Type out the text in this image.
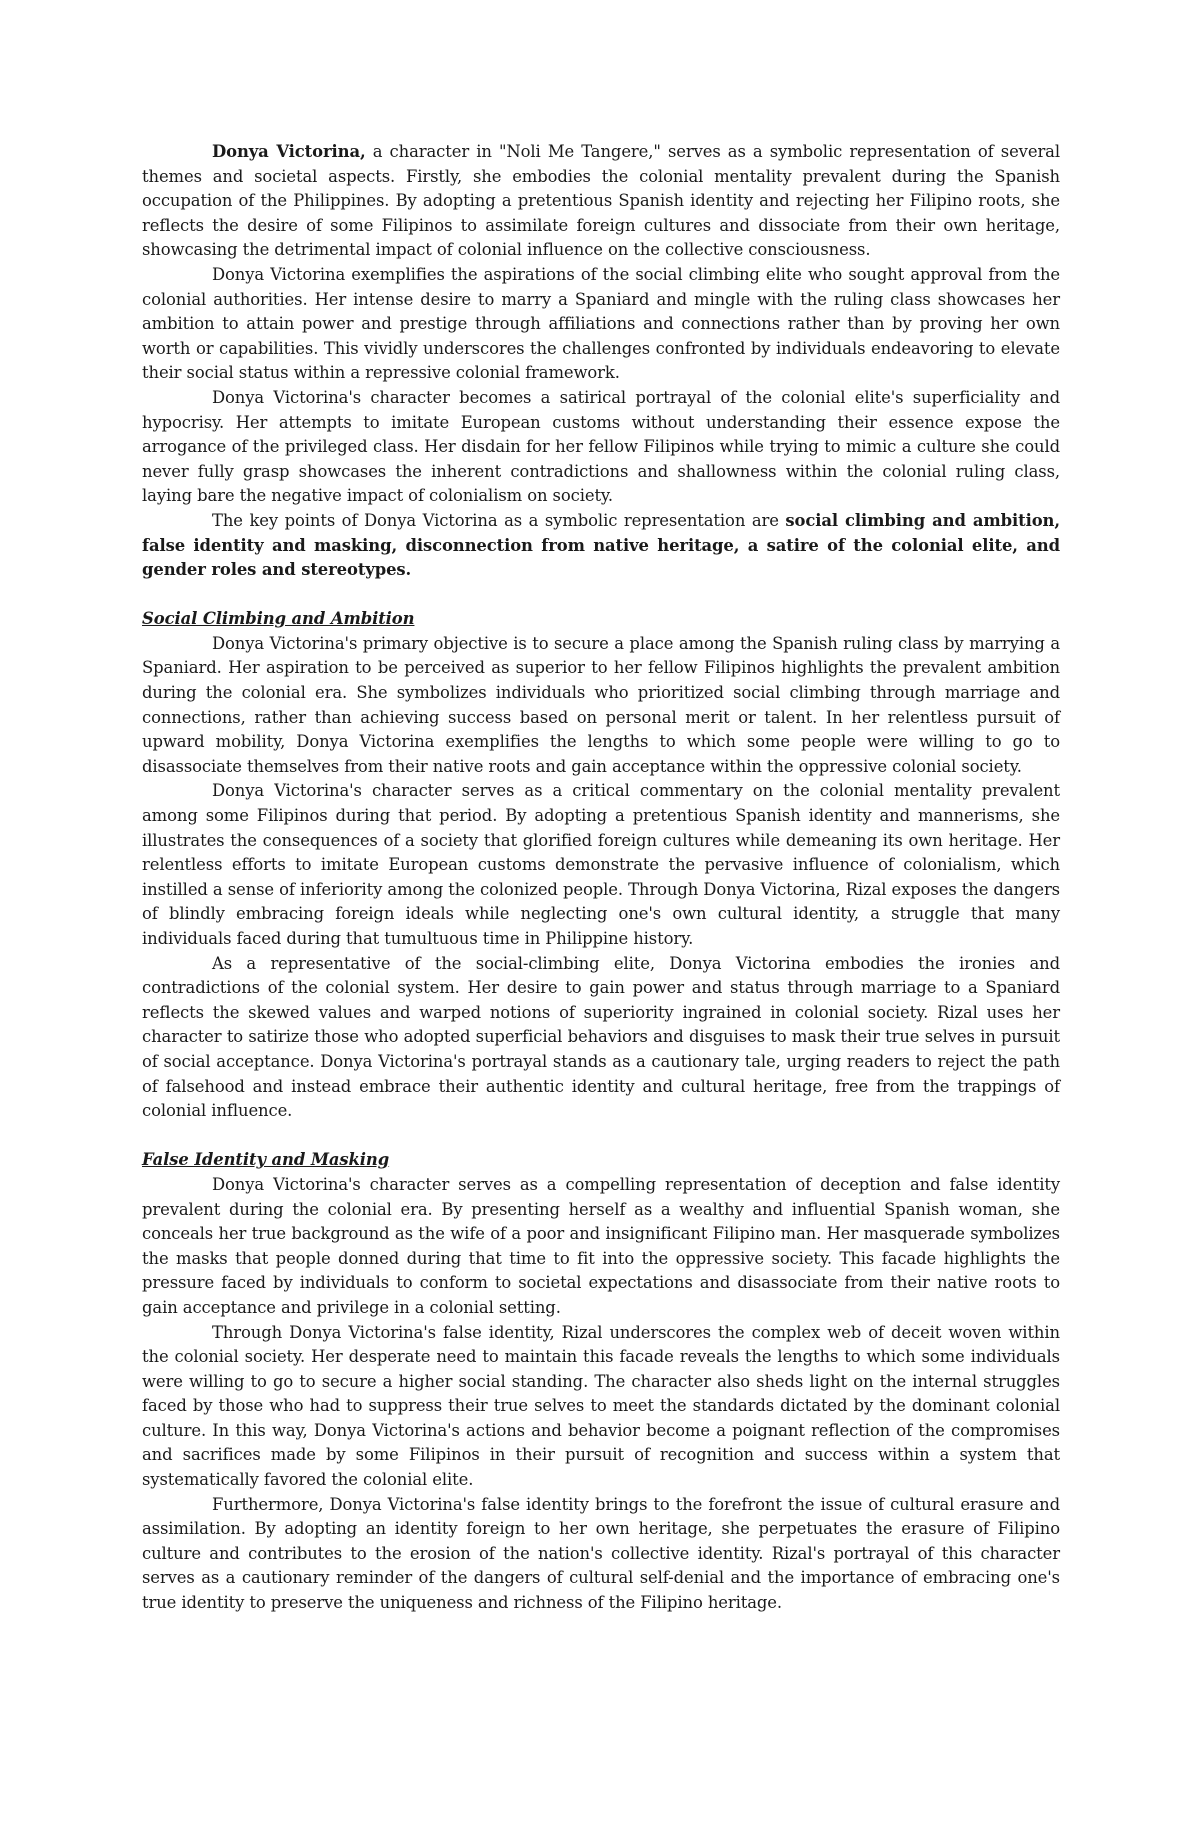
Donya Victorina, a character in "Noli Me Tangere," serves as a symbolic representation of several themes and societal aspects. Firstly, she embodies the colonial mentality prevalent during the Spanish occupation of the Philippines. By adopting a pretentious Spanish identity and rejecting her Filipino roots, she reflects the desire of some Filipinos to assimilate foreign cultures and dissociate from their own heritage, showcasing the detrimental impact of colonial influence on the collective consciousness.

Donya Victorina exemplifies the aspirations of the social climbing elite who sought approval from the colonial authorities. Her intense desire to marry a Spaniard and mingle with the ruling class showcases her ambition to attain power and prestige through affiliations and connections rather than by proving her own worth or capabilities. This vividly underscores the challenges confronted by individuals endeavoring to elevate their social status within a repressive colonial framework.

Donya Victorina's character becomes a satirical portrayal of the colonial elite's superficiality and hypocrisy. Her attempts to imitate European customs without understanding their essence expose the arrogance of the privileged class. Her disdain for her fellow Filipinos while trying to mimic a culture she could never fully grasp showcases the inherent contradictions and shallowness within the colonial ruling class, laying bare the negative impact of colonialism on society.

The key points of Donya Victorina as a symbolic representation are social climbing and ambition, false identity and masking, disconnection from native heritage, a satire of the colonial elite, and gender roles and stereotypes.

Social Climbing and Ambition

Donya Victorina's primary objective is to secure a place among the Spanish ruling class by marrying a Spaniard. Her aspiration to be perceived as superior to her fellow Filipinos highlights the prevalent ambition during the colonial era. She symbolizes individuals who prioritized social climbing through marriage and connections, rather than achieving success based on personal merit or talent. In her relentless pursuit of upward mobility, Donya Victorina exemplifies the lengths to which some people were willing to go to disassociate themselves from their native roots and gain acceptance within the oppressive colonial society.

Donya Victorina's character serves as a critical commentary on the colonial mentality prevalent among some Filipinos during that period. By adopting a pretentious Spanish identity and mannerisms, she illustrates the consequences of a society that glorified foreign cultures while demeaning its own heritage. Her relentless efforts to imitate European customs demonstrate the pervasive influence of colonialism, which instilled a sense of inferiority among the colonized people. Through Donya Victorina, Rizal exposes the dangers of blindly embracing foreign ideals while neglecting one's own cultural identity, a struggle that many individuals faced during that tumultuous time in Philippine history.

As a representative of the social-climbing elite, Donya Victorina embodies the ironies and contradictions of the colonial system. Her desire to gain power and status through marriage to a Spaniard reflects the skewed values and warped notions of superiority ingrained in colonial society. Rizal uses her character to satirize those who adopted superficial behaviors and disguises to mask their true selves in pursuit of social acceptance. Donya Victorina's portrayal stands as a cautionary tale, urging readers to reject the path of falsehood and instead embrace their authentic identity and cultural heritage, free from the trappings of colonial influence.

False Identity and Masking

Donya Victorina's character serves as a compelling representation of deception and false identity prevalent during the colonial era. By presenting herself as a wealthy and influential Spanish woman, she conceals her true background as the wife of a poor and insignificant Filipino man. Her masquerade symbolizes the masks that people donned during that time to fit into the oppressive society. This facade highlights the pressure faced by individuals to conform to societal expectations and disassociate from their native roots to gain acceptance and privilege in a colonial setting.

Through Donya Victorina's false identity, Rizal underscores the complex web of deceit woven within the colonial society. Her desperate need to maintain this facade reveals the lengths to which some individuals were willing to go to secure a higher social standing. The character also sheds light on the internal struggles faced by those who had to suppress their true selves to meet the standards dictated by the dominant colonial culture. In this way, Donya Victorina's actions and behavior become a poignant reflection of the compromises and sacrifices made by some Filipinos in their pursuit of recognition and success within a system that systematically favored the colonial elite.

Furthermore, Donya Victorina's false identity brings to the forefront the issue of cultural erasure and assimilation. By adopting an identity foreign to her own heritage, she perpetuates the erasure of Filipino culture and contributes to the erosion of the nation's collective identity. Rizal's portrayal of this character serves as a cautionary reminder of the dangers of cultural self-denial and the importance of embracing one's true identity to preserve the uniqueness and richness of the Filipino heritage.
